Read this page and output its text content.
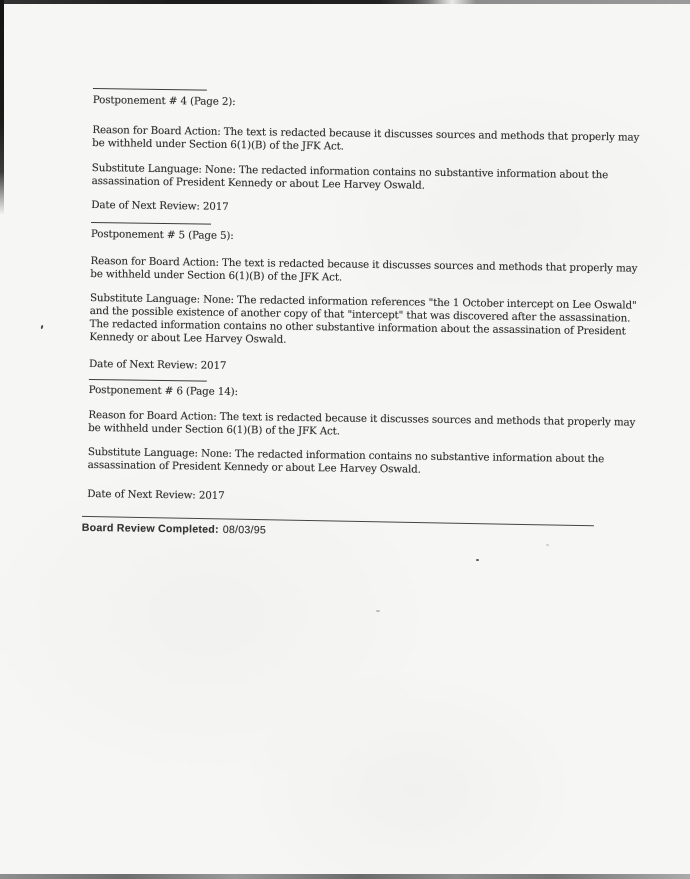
Postponement # 4 (Page 2):
Reason for Board Action: The text is redacted because it discusses sources and methods that properly may
be withheld under Section 6(1)(B) of the JFK Act.
Substitute Language: None: The redacted information contains no substantive information about the
assassination of President Kennedy or about Lee Harvey Oswald.
Date of Next Review: 2017
Postponement # 5 (Page 5):
Reason for Board Action: The text is redacted because it discusses sources and methods that properly may
be withheld under Section 6(1)(B) of the JFK Act.
Substitute Language: None: The redacted information references "the 1 October intercept on Lee Oswald"
and the possible existence of another copy of that "intercept" that was discovered after the assassination.
The redacted information contains no other substantive information about the assassination of President
Kennedy or about Lee Harvey Oswald.
Date of Next Review: 2017
Postponement # 6 (Page 14):
Reason for Board Action: The text is redacted because it discusses sources and methods that properly may
be withheld under Section 6(1)(B) of the JFK Act.
Substitute Language: None: The redacted information contains no substantive information about the
assassination of President Kennedy or about Lee Harvey Oswald.
Date of Next Review: 2017
Board Review Completed: 08/03/95
